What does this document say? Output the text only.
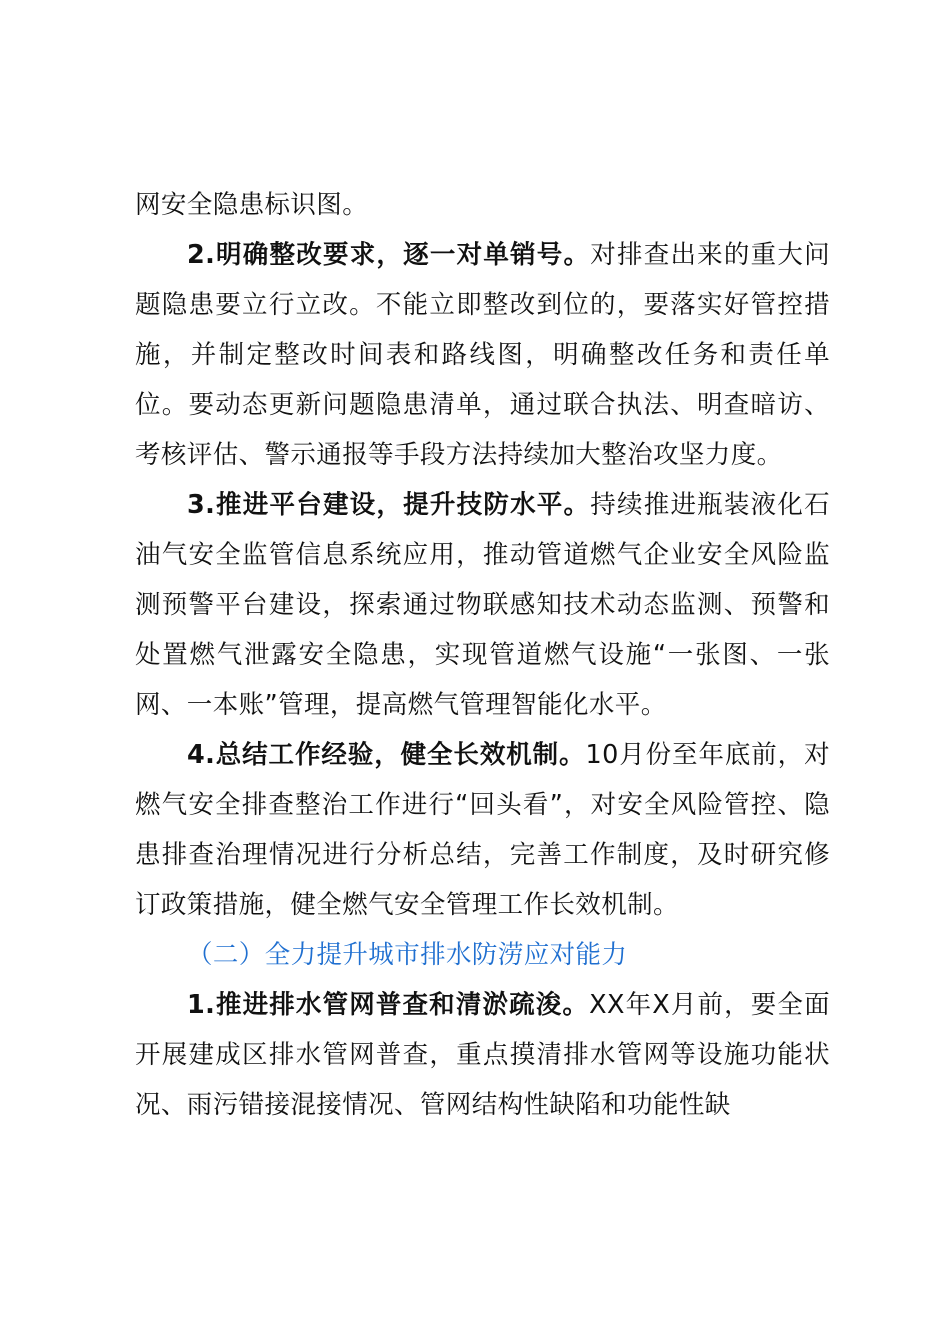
网安全隐患标识图。

2.明确整改要求，逐一对单销号。对排查出来的重大问题隐患要立行立改。不能立即整改到位的，要落实好管控措施，并制定整改时间表和路线图，明确整改任务和责任单位。要动态更新问题隐患清单，通过联合执法、明查暗访、考核评估、警示通报等手段方法持续加大整治攻坚力度。

3.推进平台建设，提升技防水平。持续推进瓶装液化石油气安全监管信息系统应用，推动管道燃气企业安全风险监测预警平台建设，探索通过物联感知技术动态监测、预警和处置燃气泄露安全隐患，实现管道燃气设施“一张图、一张网、一本账”管理，提高燃气管理智能化水平。

4.总结工作经验，健全长效机制。10月份至年底前，对燃气安全排查整治工作进行“回头看”，对安全风险管控、隐患排查治理情况进行分析总结，完善工作制度，及时研究修订政策措施，健全燃气安全管理工作长效机制。

（二）全力提升城市排水防涝应对能力

1.推进排水管网普查和清淤疏浚。XX年X月前，要全面开展建成区排水管网普查，重点摸清排水管网等设施功能状况、雨污错接混接情况、管网结构性缺陷和功能性缺
